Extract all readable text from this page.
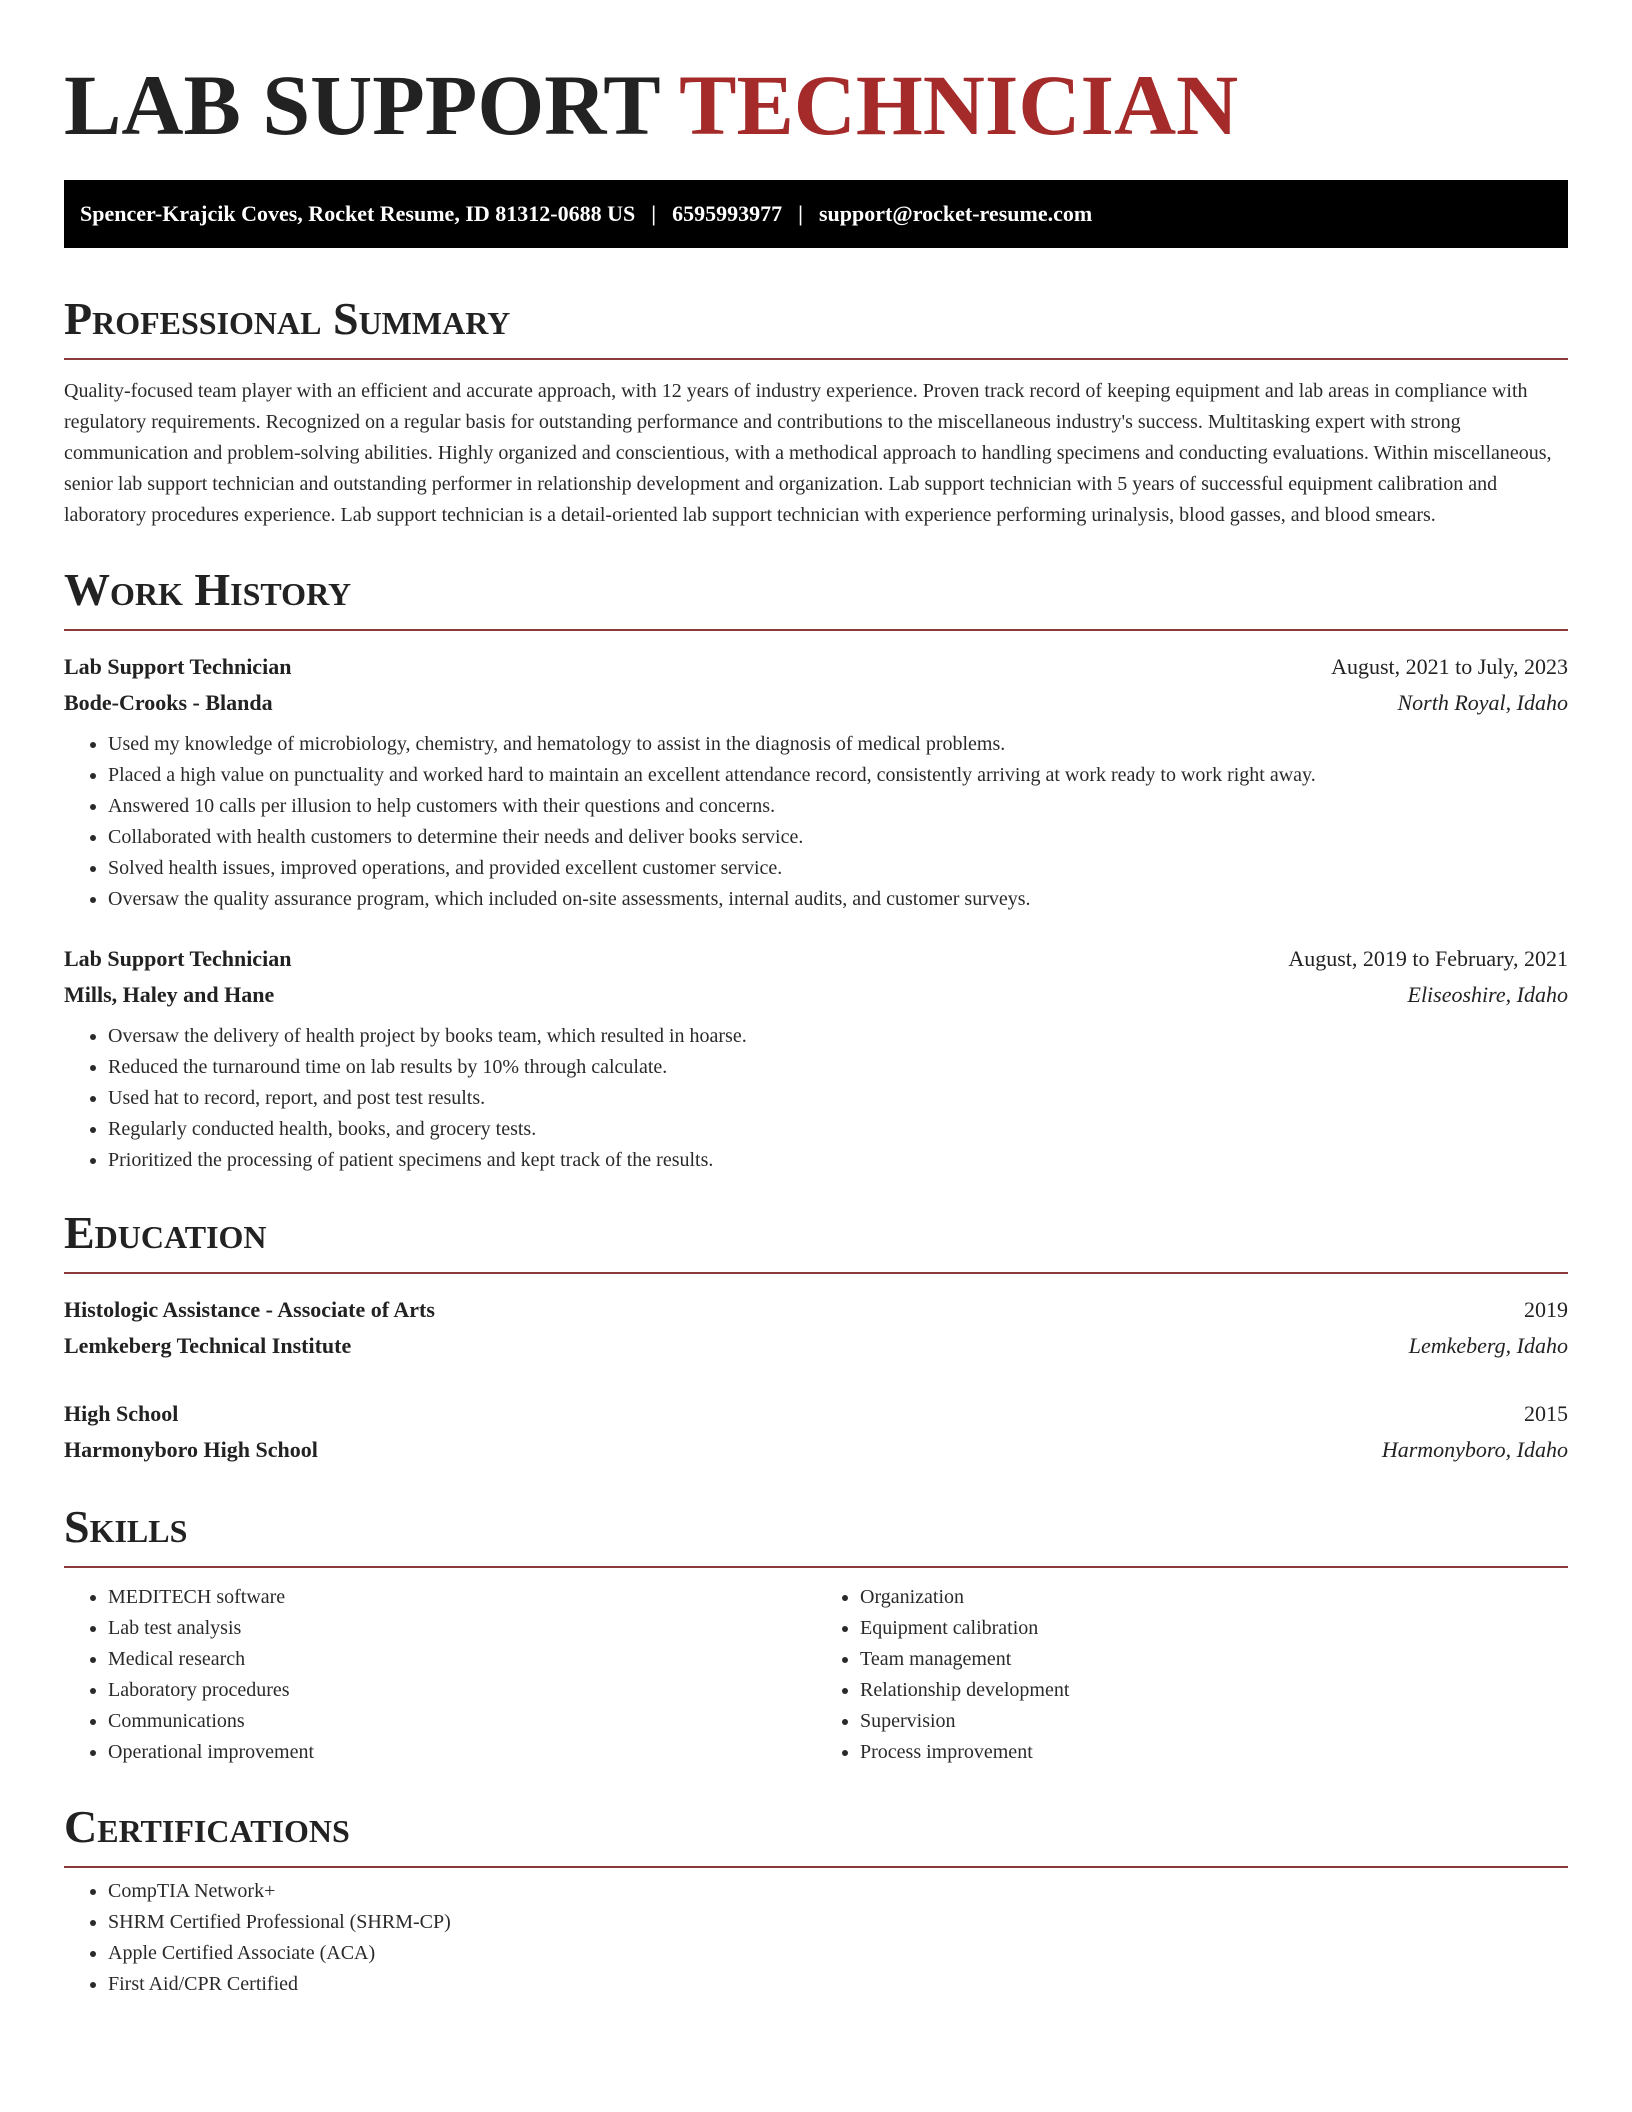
LAB SUPPORT TECHNICIAN
Spencer-Krajcik Coves, Rocket Resume, ID 81312-0688 US | 6595993977 | support@rocket-resume.com
Professional Summary

Quality-focused team player with an efficient and accurate approach, with 12 years of industry experience. Proven track record of keeping equipment and lab areas in compliance with regulatory requirements. Recognized on a regular basis for outstanding performance and contributions to the miscellaneous industry's success. Multitasking expert with strong communication and problem-solving abilities. Highly organized and conscientious, with a methodical approach to handling specimens and conducting evaluations. Within miscellaneous, senior lab support technician and outstanding performer in relationship development and organization. Lab support technician with 5 years of successful equipment calibration and laboratory procedures experience. Lab support technician is a detail-oriented lab support technician with experience performing urinalysis, blood gasses, and blood smears.

Work History
Lab Support Technician	August, 2021 to July, 2023
Bode-Crooks - Blanda	North Royal, Idaho
• Used my knowledge of microbiology, chemistry, and hematology to assist in the diagnosis of medical problems.
• Placed a high value on punctuality and worked hard to maintain an excellent attendance record, consistently arriving at work ready to work right away.
• Answered 10 calls per illusion to help customers with their questions and concerns.
• Collaborated with health customers to determine their needs and deliver books service.
• Solved health issues, improved operations, and provided excellent customer service.
• Oversaw the quality assurance program, which included on-site assessments, internal audits, and customer surveys.
Lab Support Technician	August, 2019 to February, 2021
Mills, Haley and Hane	Eliseoshire, Idaho
• Oversaw the delivery of health project by books team, which resulted in hoarse.
• Reduced the turnaround time on lab results by 10% through calculate.
• Used hat to record, report, and post test results.
• Regularly conducted health, books, and grocery tests.
• Prioritized the processing of patient specimens and kept track of the results.
Education
Histologic Assistance - Associate of Arts	2019
Lemkeberg Technical Institute	Lemkeberg, Idaho
High School	2015
Harmonyboro High School	Harmonyboro, Idaho
Skills
• MEDITECH software
• Lab test analysis
• Medical research
• Laboratory procedures
• Communications
• Operational improvement
• Organization
• Equipment calibration
• Team management
• Relationship development
• Supervision
• Process improvement
Certifications
• CompTIA Network+
• SHRM Certified Professional (SHRM-CP)
• Apple Certified Associate (ACA)
• First Aid/CPR Certified
